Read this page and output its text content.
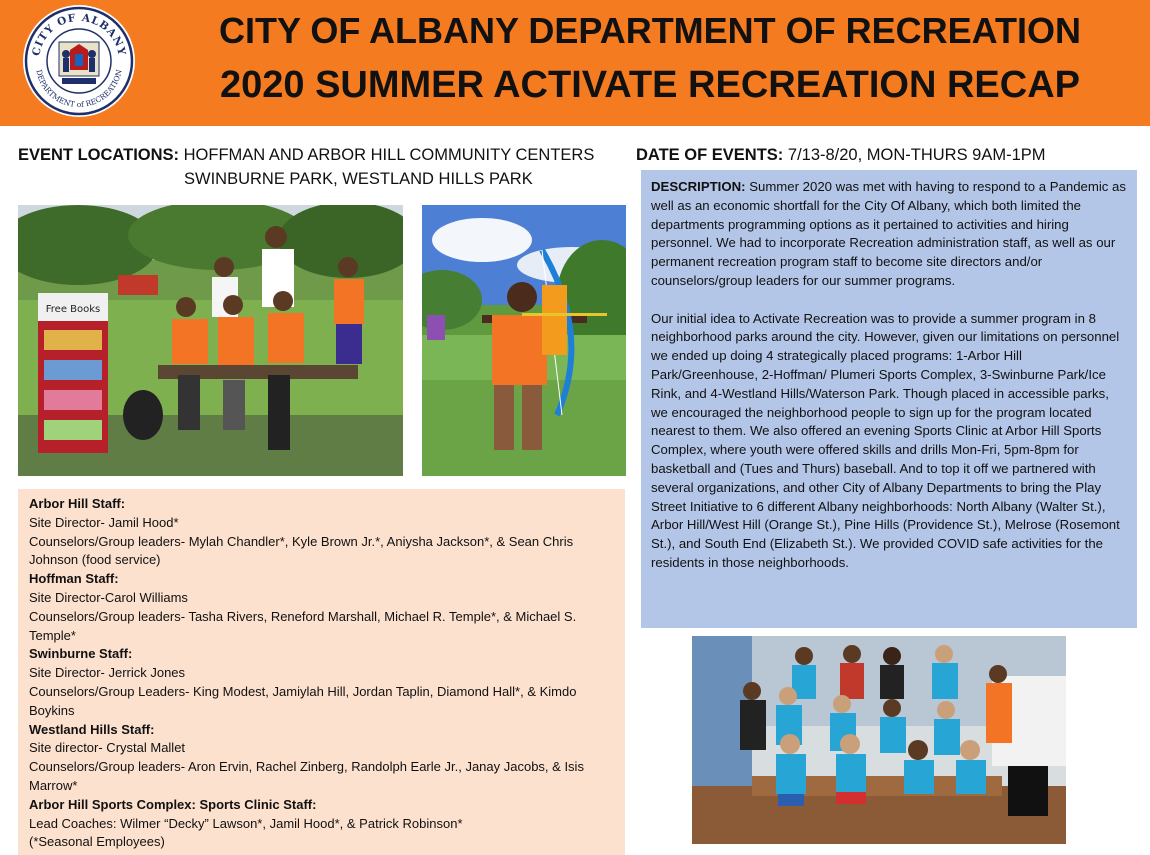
CITY OF ALBANY
DEPARTMENT of RECREATION
CITY OF ALBANY DEPARTMENT OF RECREATION
2020 SUMMER ACTIVATE RECREATION RECAP
EVENT LOCATIONS: HOFFMAN AND ARBOR HILL COMMUNITY CENTERS
SWINBURNE PARK, WESTLAND HILLS PARK
DATE OF EVENTS: 7/13-8/20, MON-THURS 9AM-1PM
Free Books
Arbor Hill Staff:
Site Director- Jamil Hood*
Counselors/Group leaders- Mylah Chandler*, Kyle Brown Jr.*, Aniysha Jackson*, & Sean Chris Johnson (food service)
Hoffman Staff:
Site Director-Carol Williams
Counselors/Group leaders- Tasha Rivers, Reneford Marshall, Michael R. Temple*, & Michael S. Temple*
Swinburne Staff:
Site Director- Jerrick Jones
Counselors/Group Leaders- King Modest, Jamiylah Hill, Jordan Taplin, Diamond Hall*, & Kimdo Boykins
Westland Hills Staff:
Site director- Crystal Mallet
Counselors/Group leaders- Aron Ervin, Rachel Zinberg, Randolph Earle Jr., Janay Jacobs, & Isis Marrow*
Arbor Hill Sports Complex: Sports Clinic Staff:
Lead Coaches: Wilmer “Decky” Lawson*, Jamil Hood*, & Patrick Robinson*
(*Seasonal Employees)

DESCRIPTION: Summer 2020 was met with having to respond to a Pandemic as well as an economic shortfall for the City Of Albany, which both limited the departments programming options as it pertained to activities and hiring personnel. We had to incorporate Recreation administration staff, as well as our permanent recreation program staff to become site directors and/or counselors/group leaders for our summer programs.

Our initial idea to Activate Recreation was to provide a summer program in 8 neighborhood parks around the city. However, given our limitations on personnel we ended up doing 4 strategically placed programs: 1-Arbor Hill Park/Greenhouse, 2-Hoffman/ Plumeri Sports Complex, 3-Swinburne Park/Ice Rink, and 4-Westland Hills/Waterson Park. Though placed in accessible parks, we encouraged the neighborhood people to sign up for the program located nearest to them. We also offered an evening Sports Clinic at Arbor Hill Sports Complex, where youth were offered skills and drills Mon-Fri, 5pm-8pm for basketball and (Tues and Thurs) baseball. And to top it off we partnered with several organizations, and other City of Albany Departments to bring the Play Street Initiative to 6 different Albany neighborhoods: North Albany (Walter St.), Arbor Hill/West Hill (Orange St.), Pine Hills (Providence St.), Melrose (Rosemont St.), and South End (Elizabeth St.). We provided COVID safe activities for the residents in those neighborhoods.
